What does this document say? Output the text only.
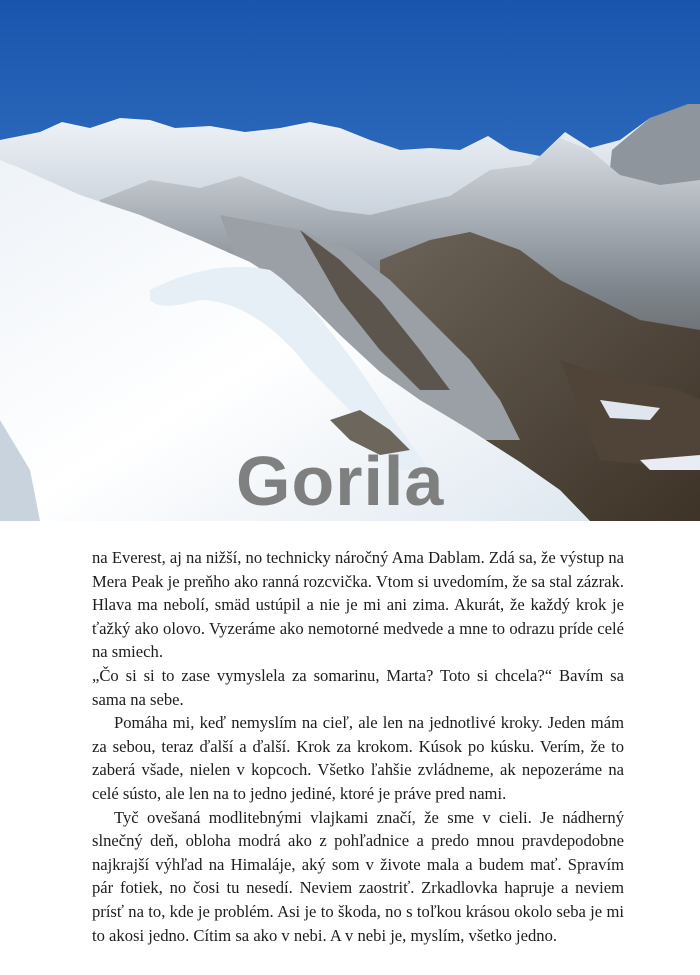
Gorila

na Everest, aj na nižší, no technicky náročný Ama Dablam. Zdá sa, že výstup na Mera Peak je preňho ako ranná rozcvička. Vtom si uvedomím, že sa stal zázrak. Hlava ma nebolí, smäd ustúpil a nie je mi ani zima. Akurát, že každý krok je ťažký ako olovo. Vyzeráme ako nemotorné medvede a mne to odrazu príde celé na smiech.

„Čo si si to zase vymyslela za somarinu, Marta? Toto si chcela?“ Bavím sa sama na sebe.

Pomáha mi, keď nemyslím na cieľ, ale len na jednotlivé kroky. Jeden mám za sebou, teraz ďalší a ďalší. Krok za krokom. Kúsok po kúsku. Verím, že to zaberá všade, nielen v kopcoch. Všetko ľahšie zvládneme, ak nepozeráme na celé sústo, ale len na to jedno jediné, ktoré je práve pred nami.

Tyč ovešaná modlitebnými vlajkami značí, že sme v cieli. Je nádherný slnečný deň, obloha modrá ako z pohľadnice a predo mnou pravdepodobne najkrajší výhľad na Himaláje, aký som v živote mala a budem mať. Spravím pár fotiek, no čosi tu nesedí. Neviem zaostriť. Zrkadlovka hapruje a neviem prísť na to, kde je problém. Asi je to škoda, no s toľkou krásou okolo seba je mi to akosi jedno. Cítim sa ako v nebi. A v nebi je, myslím, všetko jedno.
